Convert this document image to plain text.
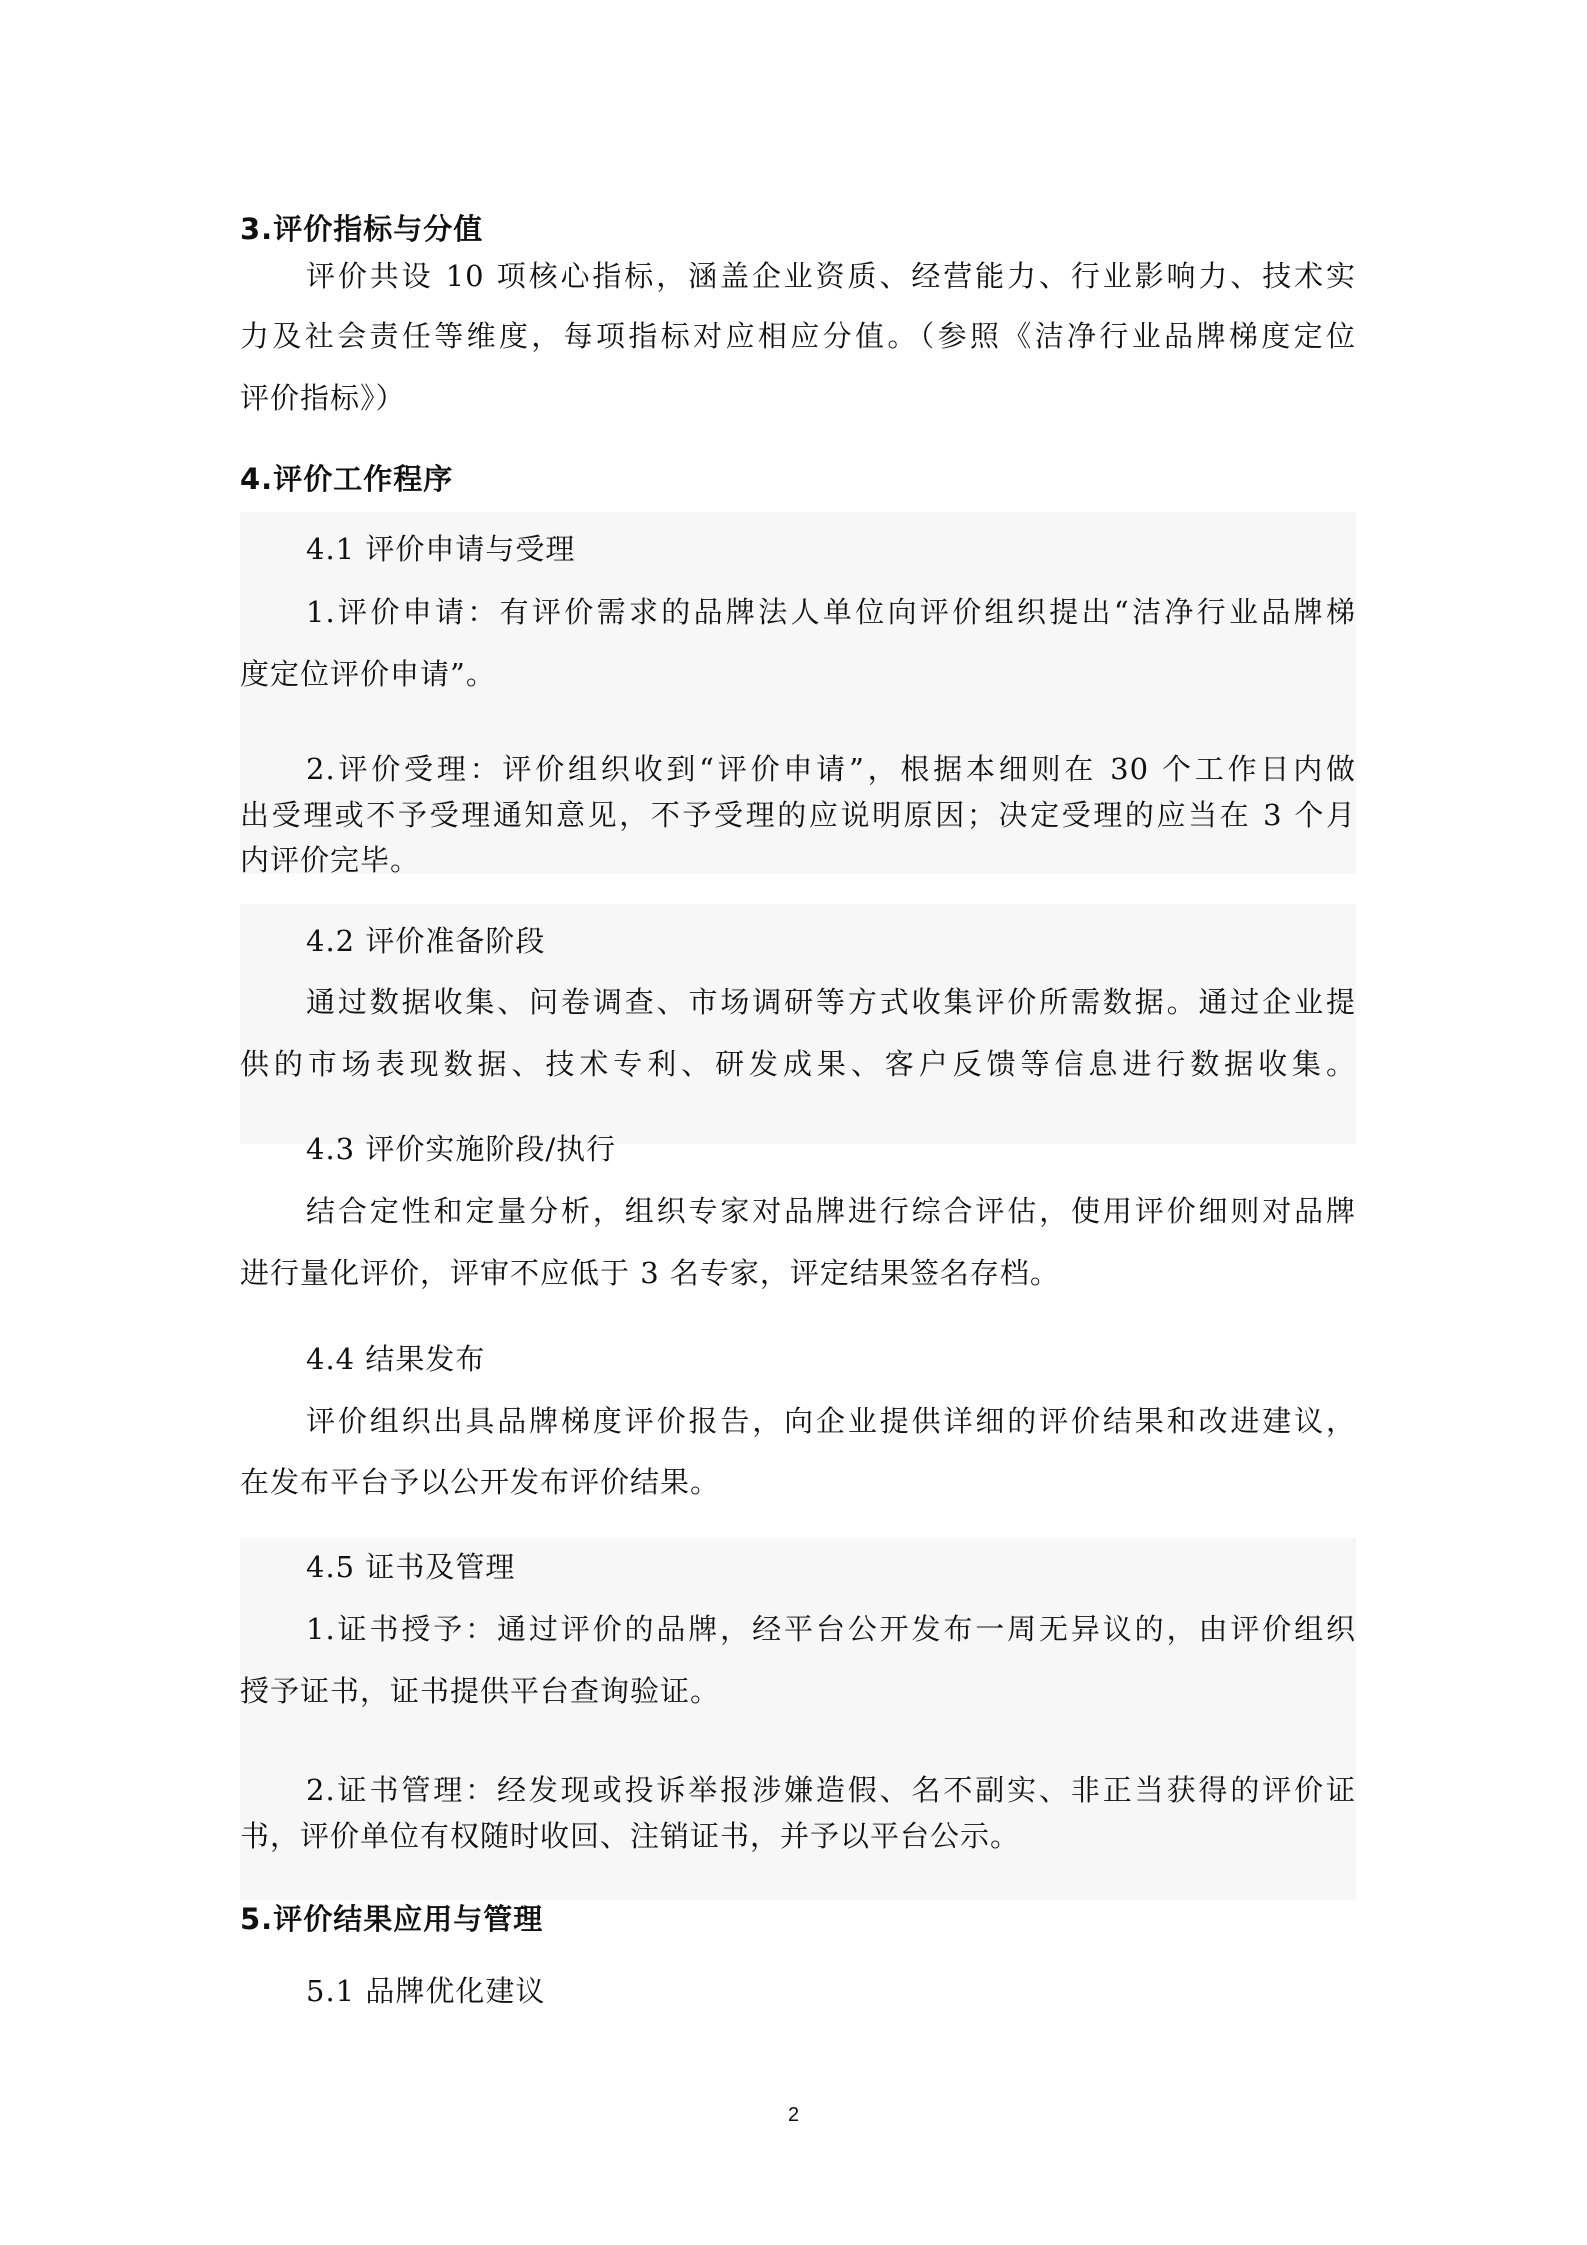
3.评价指标与分值
评价共设 10 项核心指标，涵盖企业资质、经营能力、行业影响力、技术实
力及社会责任等维度，每项指标对应相应分值。（参照《洁净行业品牌梯度定位
评价指标》）
4.评价工作程序
4.1 评价申请与受理
1.评价申请：有评价需求的品牌法人单位向评价组织提出“洁净行业品牌梯
度定位评价申请”。
2.评价受理：评价组织收到“评价申请”，根据本细则在 30 个工作日内做
出受理或不予受理通知意见，不予受理的应说明原因；决定受理的应当在 3 个月
内评价完毕。
4.2 评价准备阶段
通过数据收集、问卷调查、市场调研等方式收集评价所需数据。通过企业提
供的市场表现数据、技术专利、研发成果、客户反馈等信息进行数据收集。
4.3 评价实施阶段/执行
结合定性和定量分析，组织专家对品牌进行综合评估，使用评价细则对品牌
进行量化评价，评审不应低于 3 名专家，评定结果签名存档。
4.4 结果发布
评价组织出具品牌梯度评价报告，向企业提供详细的评价结果和改进建议，
在发布平台予以公开发布评价结果。
4.5 证书及管理
1.证书授予：通过评价的品牌，经平台公开发布一周无异议的，由评价组织
授予证书，证书提供平台查询验证。
2.证书管理：经发现或投诉举报涉嫌造假、名不副实、非正当获得的评价证
书，评价单位有权随时收回、注销证书，并予以平台公示。
5.评价结果应用与管理
5.1 品牌优化建议
2
